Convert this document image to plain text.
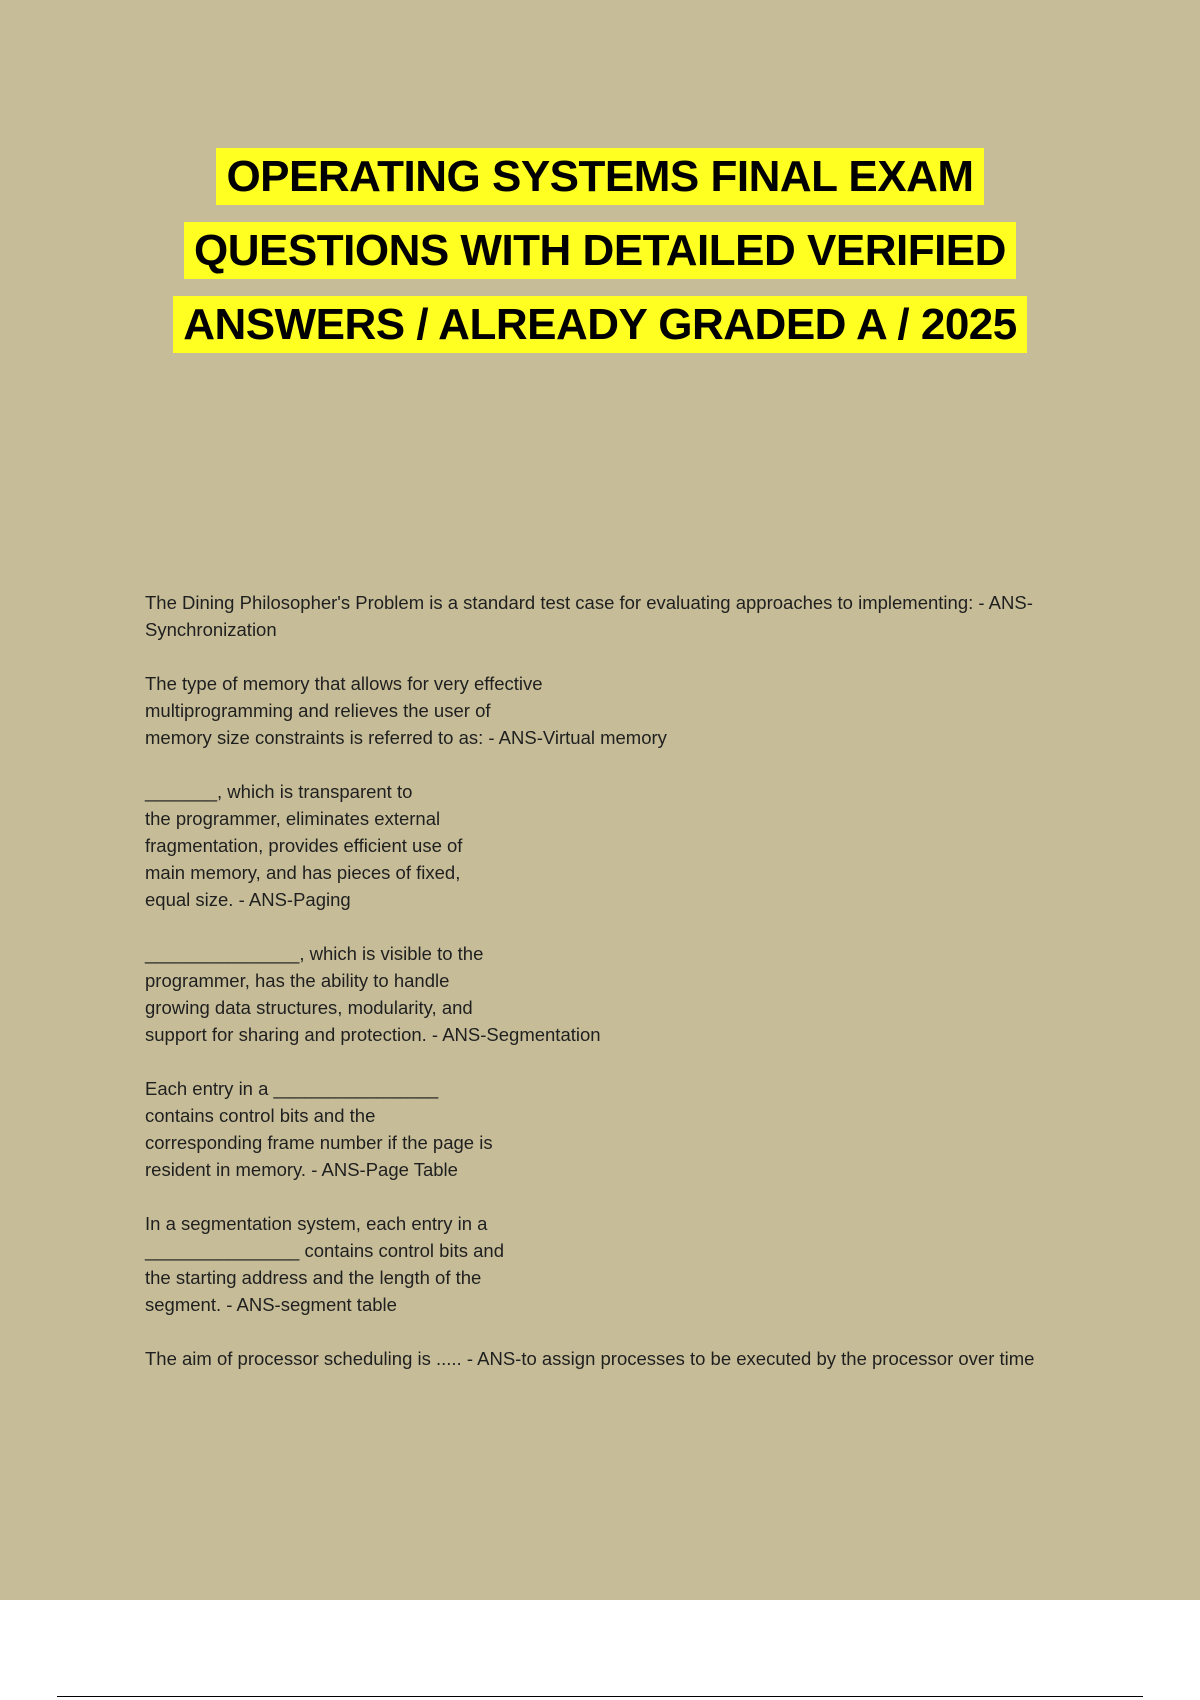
OPERATING SYSTEMS FINAL EXAM
QUESTIONS WITH DETAILED VERIFIED
ANSWERS / ALREADY GRADED A / 2025

The Dining Philosopher's Problem is a standard test case for evaluating approaches to implementing: - ANS-Synchronization

The type of memory that allows for very effective
multiprogramming and relieves the user of
memory size constraints is referred to as: - ANS-Virtual memory

_______, which is transparent to
the programmer, eliminates external
fragmentation, provides efficient use of
main memory, and has pieces of fixed,
equal size. - ANS-Paging

_______________, which is visible to the
programmer, has the ability to handle
growing data structures, modularity, and
support for sharing and protection. - ANS-Segmentation

Each entry in a ________________
contains control bits and the
corresponding frame number if the page is
resident in memory. - ANS-Page Table

In a segmentation system, each entry in a
_______________ contains control bits and
the starting address and the length of the
segment. - ANS-segment table

The aim of processor scheduling is ..... - ANS-to assign processes to be executed by the processor over time
